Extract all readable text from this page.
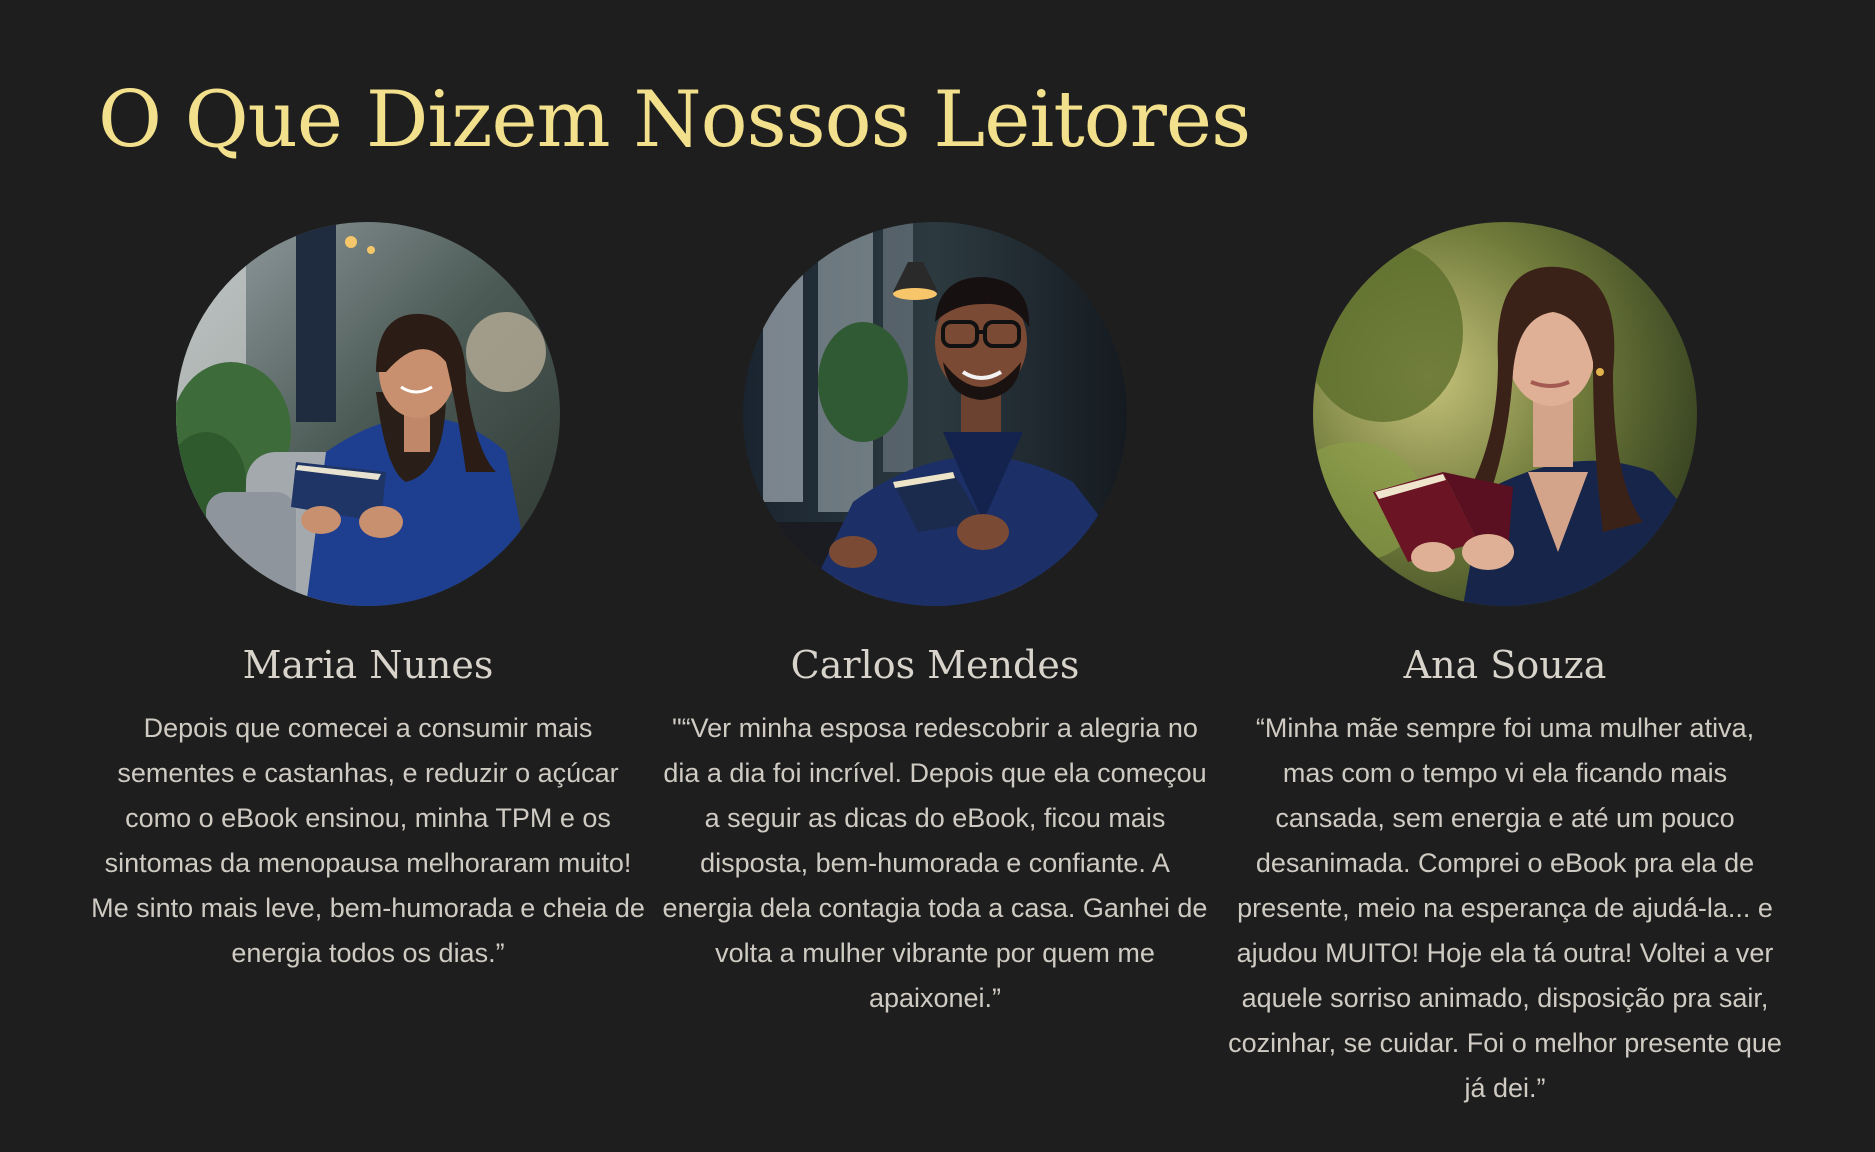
O Que Dizem Nossos Leitores
Maria Nunes

Depois que comecei a consumir mais sementes e castanhas, e reduzir o açúcar como o eBook ensinou, minha TPM e os sintomas da menopausa melhoraram muito! Me sinto mais leve, bem-humorada e cheia de energia todos os dias.”

Carlos Mendes

"“Ver minha esposa redescobrir a alegria no dia a dia foi incrível. Depois que ela começou a seguir as dicas do eBook, ficou mais disposta, bem-humorada e confiante. A energia dela contagia toda a casa. Ganhei de volta a mulher vibrante por quem me apaixonei.”

Ana Souza

“Minha mãe sempre foi uma mulher ativa, mas com o tempo vi ela ficando mais cansada, sem energia e até um pouco desanimada. Comprei o eBook pra ela de presente, meio na esperança de ajudá-la... e ajudou MUITO! Hoje ela tá outra! Voltei a ver aquele sorriso animado, disposição pra sair, cozinhar, se cuidar. Foi o melhor presente que já dei.”
